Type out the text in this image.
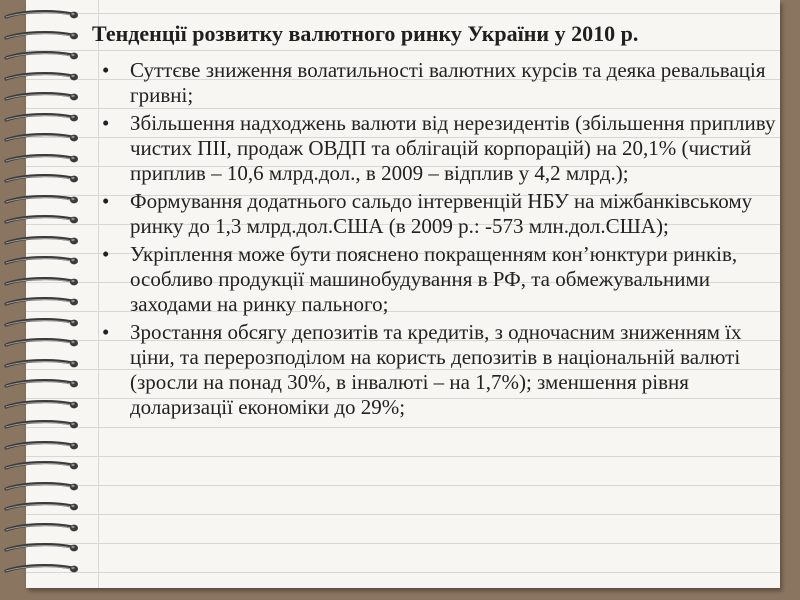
Тенденції розвитку валютного ринку України у 2010 р.
• Суттєве зниження волатильності валютних курсів та деяка ревальвація гривні;
• Збільшення надходжень валюти від нерезидентів (збільшення припливу чистих ПІІ, продаж ОВДП та облігацій корпорацій) на 20,1% (чистий приплив – 10,6 млрд.дол., в 2009 – відплив у 4,2 млрд.);
• Формування додатнього сальдо інтервенцій НБУ на міжбанківському ринку до 1,3 млрд.дол.США (в 2009 р.: -573 млн.дол.США);
• Укріплення може бути пояснено покращенням кон’юнктури ринків, особливо продукції машинобудування в РФ, та обмежувальними заходами на ринку пального;
• Зростання обсягу депозитів та кредитів, з одночасним зниженням їх ціни, та перерозподілом на користь депозитів в національній валюті (зросли на понад 30%, в інвалюті – на 1,7%); зменшення рівня доларизації економіки до 29%;
